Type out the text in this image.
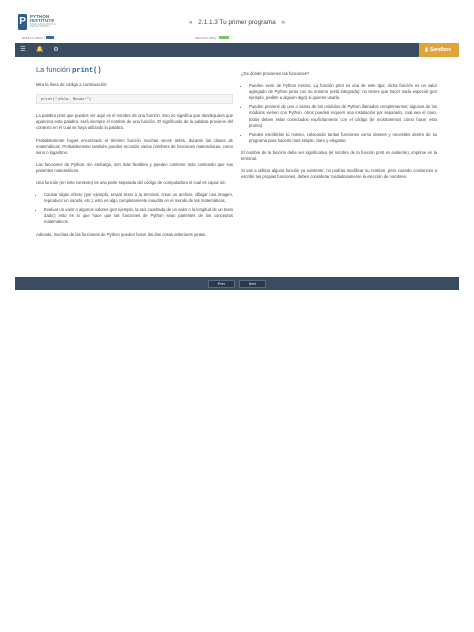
P PYTHON
INSTITUTE
OPEN EDUCATION & DEVELOPMENT
« 2.1.1.3 Tu primer programa »
MÓDULO (35%)	SECCIÓN (33%)
☰ 🔔 ⚙	▮ Sandbox
La función print()

Mira la línea de código a continuación:

print("¡Hola, Mundo!")

La palabra print que puedes ver aquí es el nombre de una función. Eso no significa que dondequiera que aparezca esta palabra, será siempre el nombre de una función. El significado de la palabra proviene del contexto en el cual se haya utilizado la palabra.

Probablemente hayas encontrado el término función muchas veces antes, durante las clases de matemáticas. Probablemente también puedes recordar varios nombres de funciones matemáticas, como seno o logaritmo.

Las funciones de Python, sin embargo, son más flexibles y pueden contener más contenido que sus parientes matemáticos.

Una función (en este contexto) es una parte separada del código de computadora el cual es capaz de:

• Causar algún efecto (por ejemplo, enviar texto a la terminal, crear un archivo, dibujar una imagen, reproducir un sonido, etc.); esto es algo completamente inaudito en el mundo de las matemáticas.
• Evaluar un valor o algunos valores (por ejemplo, la raíz cuadrada de un valor o la longitud de un texto dado); esto es lo que hace que las funciones de Python sean parientes de los conceptos matemáticos.

Además, muchas de las funciones de Python pueden hacer las dos cosas anteriores juntas.

¿De dónde provienen las funciones?

• Pueden venir de Python mismo. La función print es una de este tipo; dicha función es un valor agregado de Python junto con su entorno (está integrada); no tienes que hacer nada especial (por ejemplo, pedirle a alguien algo) si quieres usarla.
• Pueden provenir de uno o varios de los módulos de Python llamados complementos; algunos de los módulos vienen con Python, otros pueden requerir una instalación por separado, cual sea el caso, todos deben estar conectados explícitamente con el código (te mostraremos cómo hacer esto pronto).
• Puedes escribirlas tú mismo, colocando tantas funciones como desees y necesites dentro de su programa para hacerlo más simple, claro y elegante.

El nombre de la función debe ser significativo (el nombre de la función print es evidente), imprime en la terminal.

Si vas a utilizar alguna función ya existente, no podrás modificar su nombre, pero cuando comiences a escribir tus propias funciones, debes considerar cuidadosamente la elección de nombres.

Prev	Next
